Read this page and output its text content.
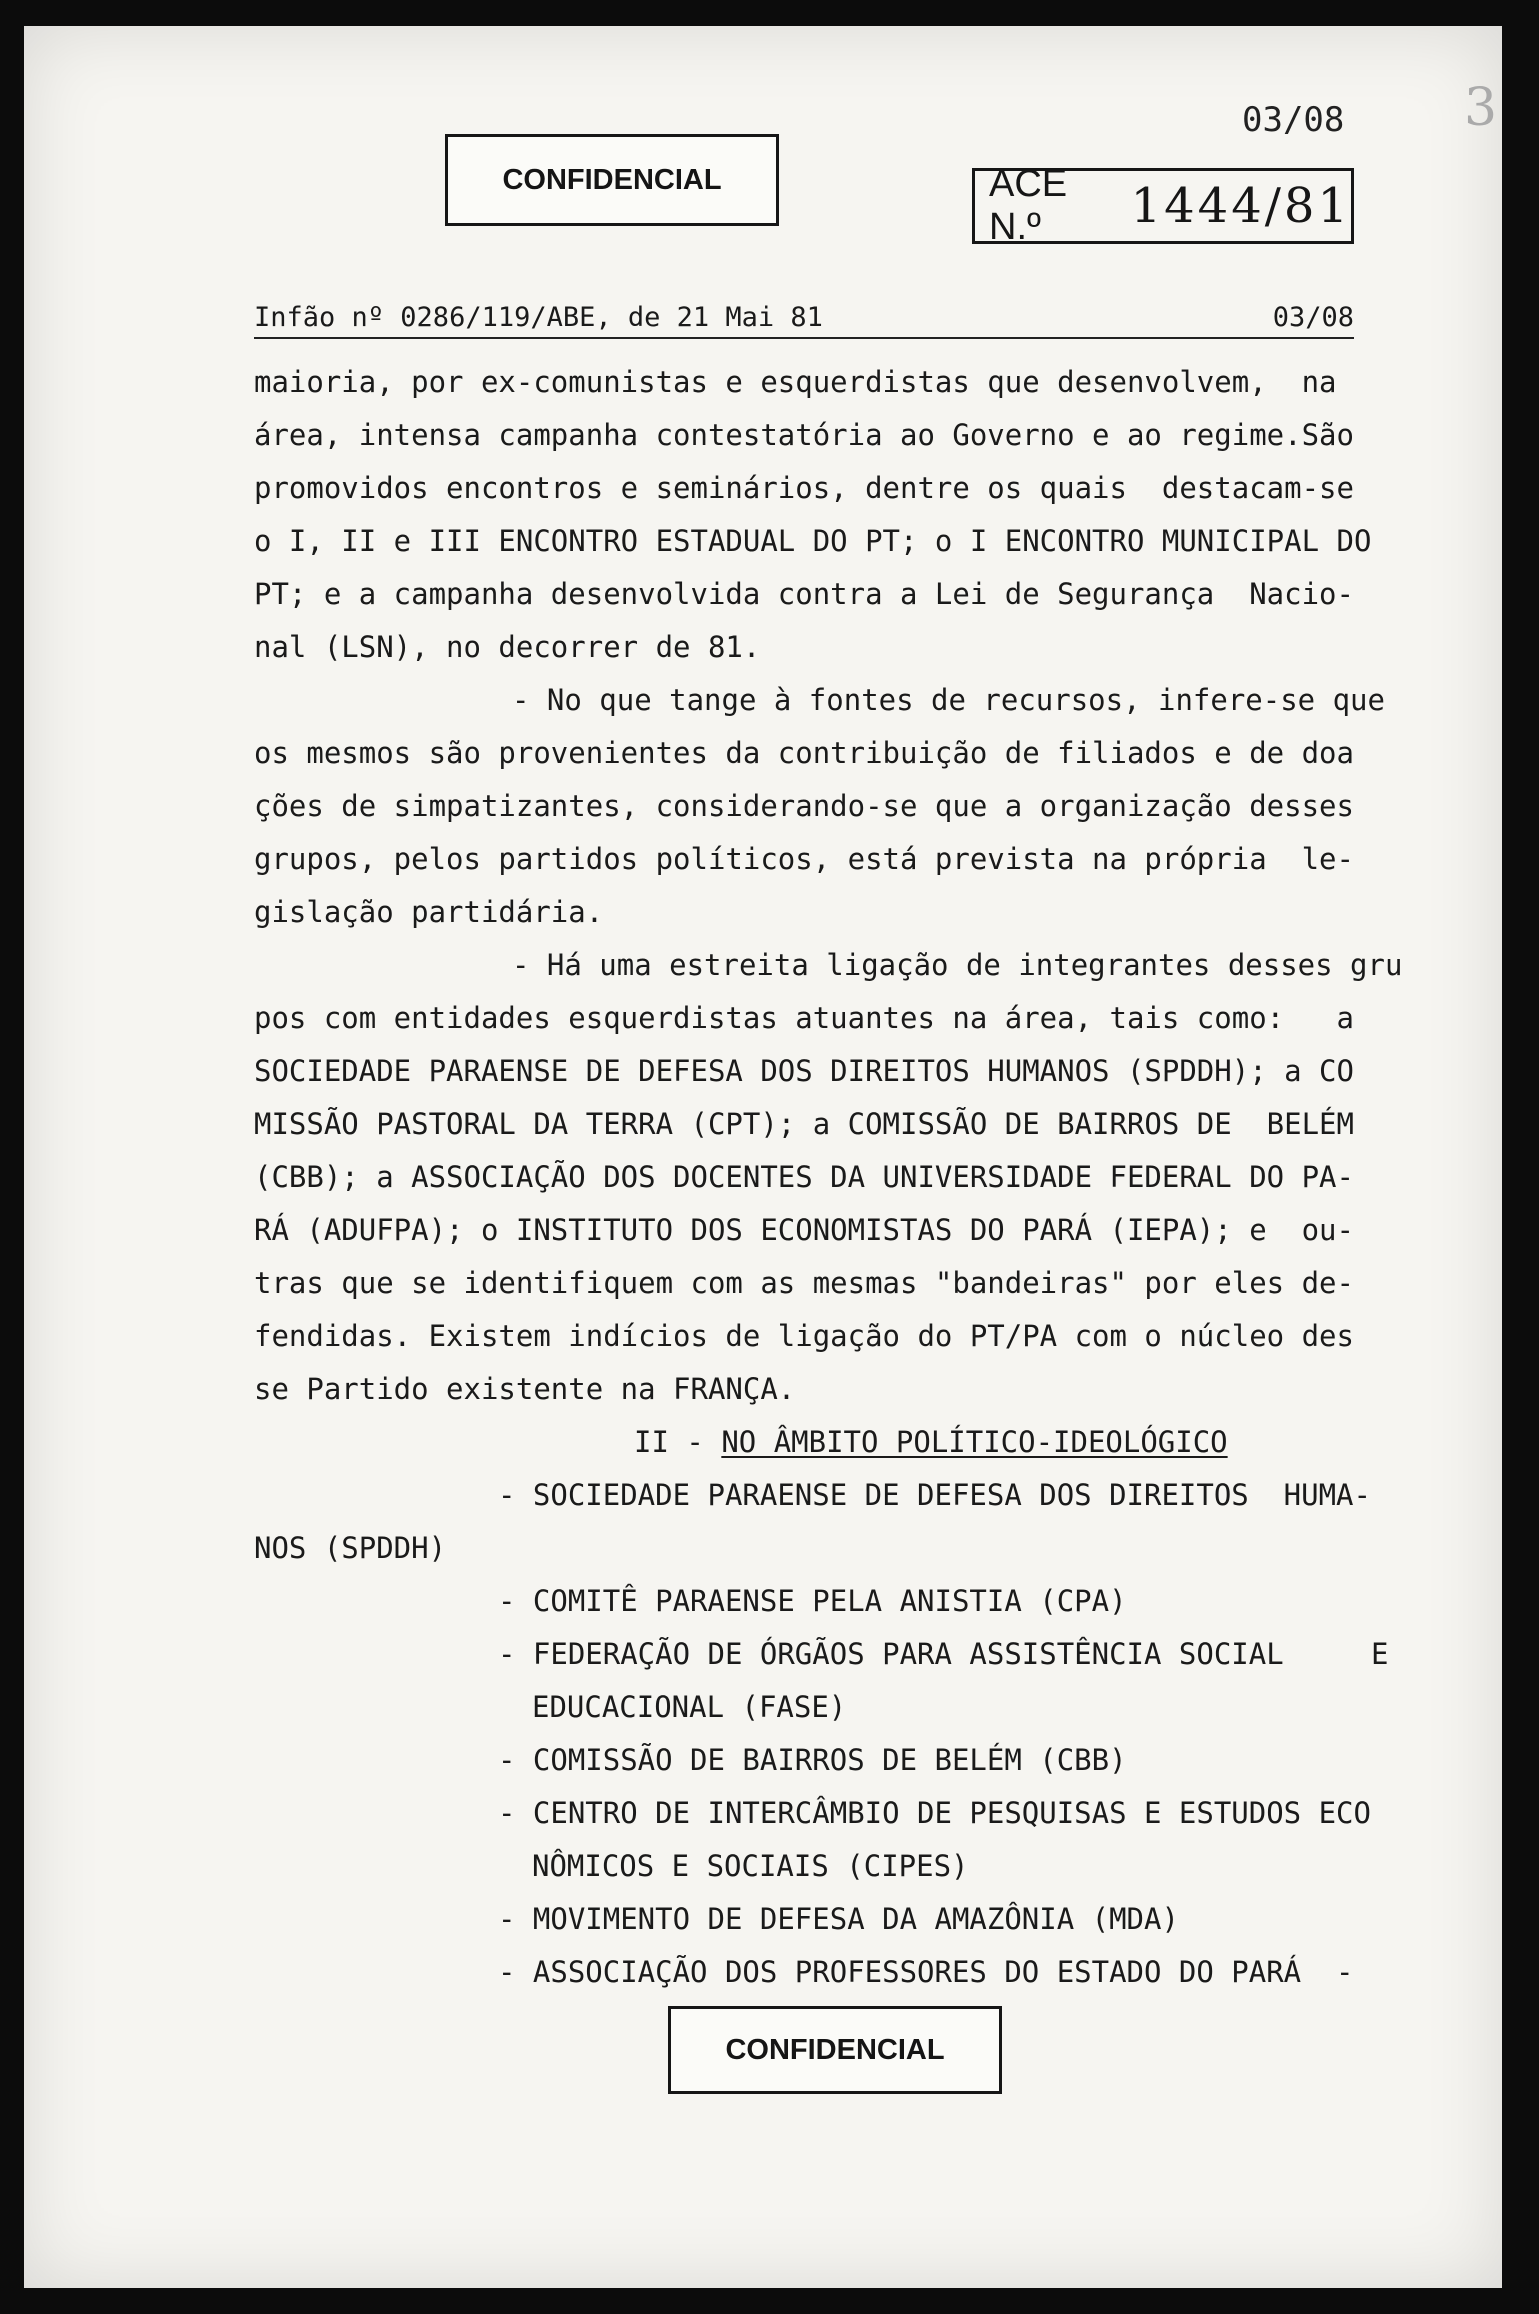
3
03/08
CONFIDENCIAL	ACE N.º	1444/81
Infão nº 0286/119/ABE, de 21 Mai 81	03/08

maioria, por ex-comunistas e esquerdistas que desenvolvem,  na
área, intensa campanha contestatória ao Governo e ao regime.São
promovidos encontros e seminários, dentre os quais  destacam-se
o I, II e III ENCONTRO ESTADUAL DO PT; o I ENCONTRO MUNICIPAL DO
PT; e a campanha desenvolvida contra a Lei de Segurança  Nacio-
nal (LSN), no decorrer de 81.
- No que tange à fontes de recursos, infere-se que
os mesmos são provenientes da contribuição de filiados e de doa
ções de simpatizantes, considerando-se que a organização desses
grupos, pelos partidos políticos, está prevista na própria  le-
gislação partidária.
- Há uma estreita ligação de integrantes desses gru
pos com entidades esquerdistas atuantes na área, tais como:   a
SOCIEDADE PARAENSE DE DEFESA DOS DIREITOS HUMANOS (SPDDH); a CO
MISSÃO PASTORAL DA TERRA (CPT); a COMISSÃO DE BAIRROS DE  BELÉM
(CBB); a ASSOCIAÇÃO DOS DOCENTES DA UNIVERSIDADE FEDERAL DO PA-
RÁ (ADUFPA); o INSTITUTO DOS ECONOMISTAS DO PARÁ (IEPA); e  ou-
tras que se identifiquem com as mesmas "bandeiras" por eles de-
fendidas. Existem indícios de ligação do PT/PA com o núcleo des
se Partido existente na FRANÇA.
II - NO ÂMBITO POLÍTICO-IDEOLÓGICO
- SOCIEDADE PARAENSE DE DEFESA DOS DIREITOS  HUMA-
NOS (SPDDH)
- COMITÊ PARAENSE PELA ANISTIA (CPA)
- FEDERAÇÃO DE ÓRGÃOS PARA ASSISTÊNCIA SOCIAL     E
EDUCACIONAL (FASE)
- COMISSÃO DE BAIRROS DE BELÉM (CBB)
- CENTRO DE INTERCÂMBIO DE PESQUISAS E ESTUDOS ECO
NÔMICOS E SOCIAIS (CIPES)
- MOVIMENTO DE DEFESA DA AMAZÔNIA (MDA)
- ASSOCIAÇÃO DOS PROFESSORES DO ESTADO DO PARÁ  -
CONFIDENCIAL
